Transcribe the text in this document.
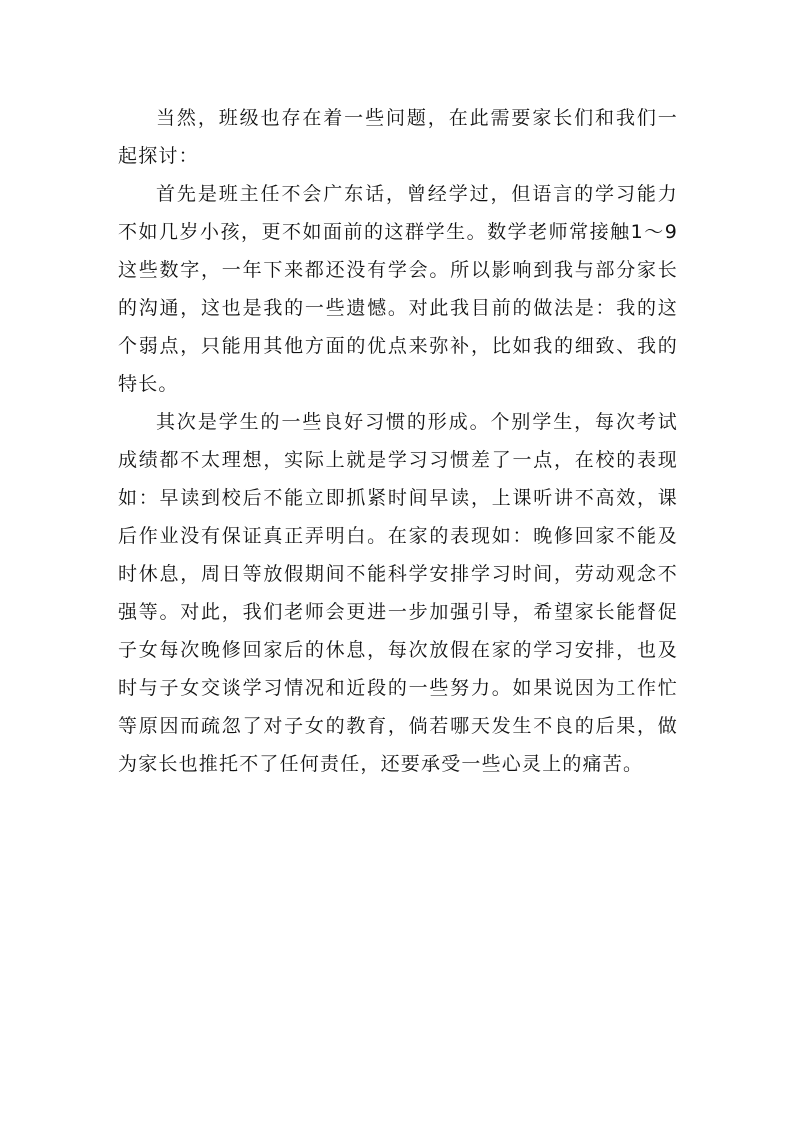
当然，班级也存在着一些问题，在此需要家长们和我们一起探讨：

首先是班主任不会广东话，曾经学过，但语言的学习能力不如几岁小孩，更不如面前的这群学生。数学老师常接触1～9这些数字，一年下来都还没有学会。所以影响到我与部分家长的沟通，这也是我的一些遗憾。对此我目前的做法是：我的这个弱点，只能用其他方面的优点来弥补，比如我的细致、我的特长。

其次是学生的一些良好习惯的形成。个别学生，每次考试成绩都不太理想，实际上就是学习习惯差了一点，在校的表现如：早读到校后不能立即抓紧时间早读，上课听讲不高效，课后作业没有保证真正弄明白。在家的表现如：晚修回家不能及时休息，周日等放假期间不能科学安排学习时间，劳动观念不强等。对此，我们老师会更进一步加强引导，希望家长能督促子女每次晚修回家后的休息，每次放假在家的学习安排，也及时与子女交谈学习情况和近段的一些努力。如果说因为工作忙等原因而疏忽了对子女的教育，倘若哪天发生不良的后果，做为家长也推托不了任何责任，还要承受一些心灵上的痛苦。
